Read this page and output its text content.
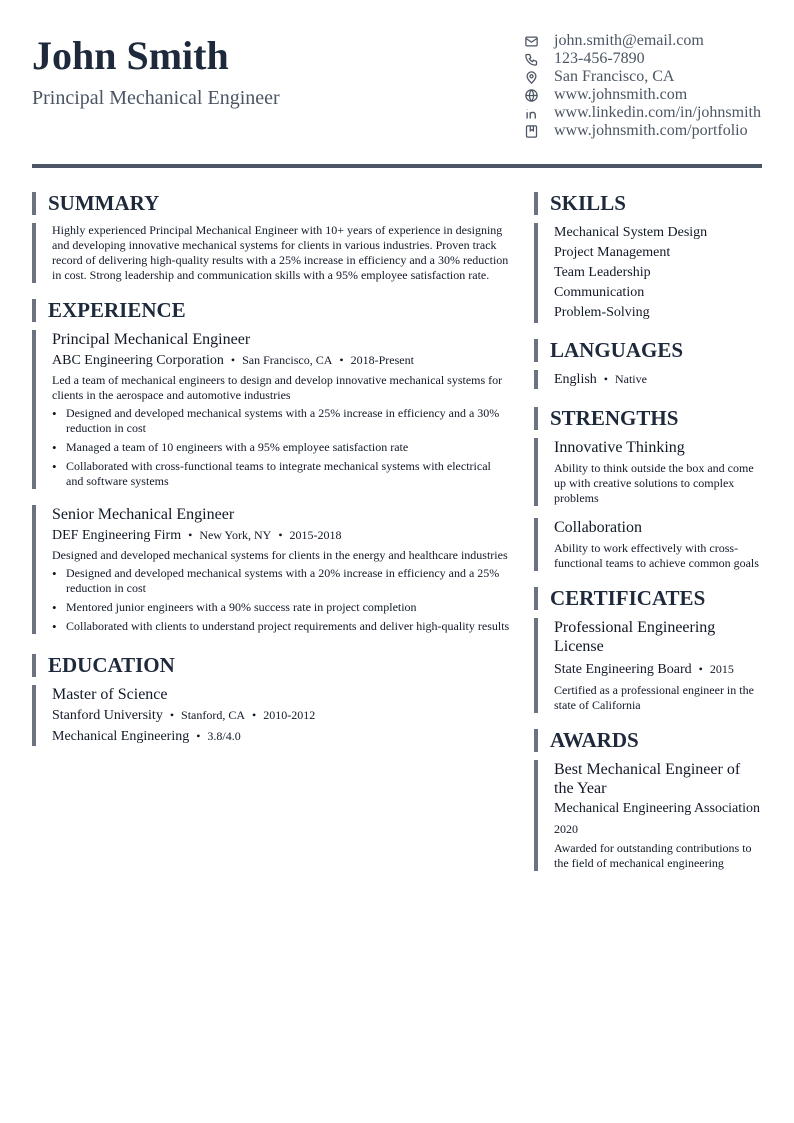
John Smith
Principal Mechanical Engineer
john.smith@email.com
123-456-7890
San Francisco, CA
www.johnsmith.com
www.linkedin.com/in/johnsmith
www.johnsmith.com/portfolio
SUMMARY

Highly experienced Principal Mechanical Engineer with 10+ years of experience in designing and developing innovative mechanical systems for clients in various industries. Proven track record of delivering high-quality results with a 25% increase in efficiency and a 30% reduction in cost. Strong leadership and communication skills with a 95% employee satisfaction rate.

EXPERIENCE
Principal Mechanical Engineer
ABC Engineering Corporation • San Francisco, CA • 2018-Present

Led a team of mechanical engineers to design and develop innovative mechanical systems for clients in the aerospace and automotive industries

• Designed and developed mechanical systems with a 25% increase in efficiency and a 30% reduction in cost
• Managed a team of 10 engineers with a 95% employee satisfaction rate
• Collaborated with cross-functional teams to integrate mechanical systems with electrical and software systems
Senior Mechanical Engineer
DEF Engineering Firm • New York, NY • 2015-2018

Designed and developed mechanical systems for clients in the energy and healthcare industries

• Designed and developed mechanical systems with a 20% increase in efficiency and a 25% reduction in cost
• Mentored junior engineers with a 90% success rate in project completion
• Collaborated with clients to understand project requirements and deliver high-quality results
EDUCATION
Master of Science
Stanford University • Stanford, CA • 2010-2012
Mechanical Engineering • 3.8/4.0
SKILLS
Mechanical System Design
Project Management
Team Leadership
Communication
Problem-Solving
LANGUAGES
English • Native
STRENGTHS
Innovative Thinking

Ability to think outside the box and come up with creative solutions to complex problems

Collaboration

Ability to work effectively with cross-functional teams to achieve common goals

CERTIFICATES
Professional Engineering License
State Engineering Board • 2015

Certified as a professional engineer in the state of California

AWARDS
Best Mechanical Engineer of the Year
Mechanical Engineering Association
2020

Awarded for outstanding contributions to the field of mechanical engineering
